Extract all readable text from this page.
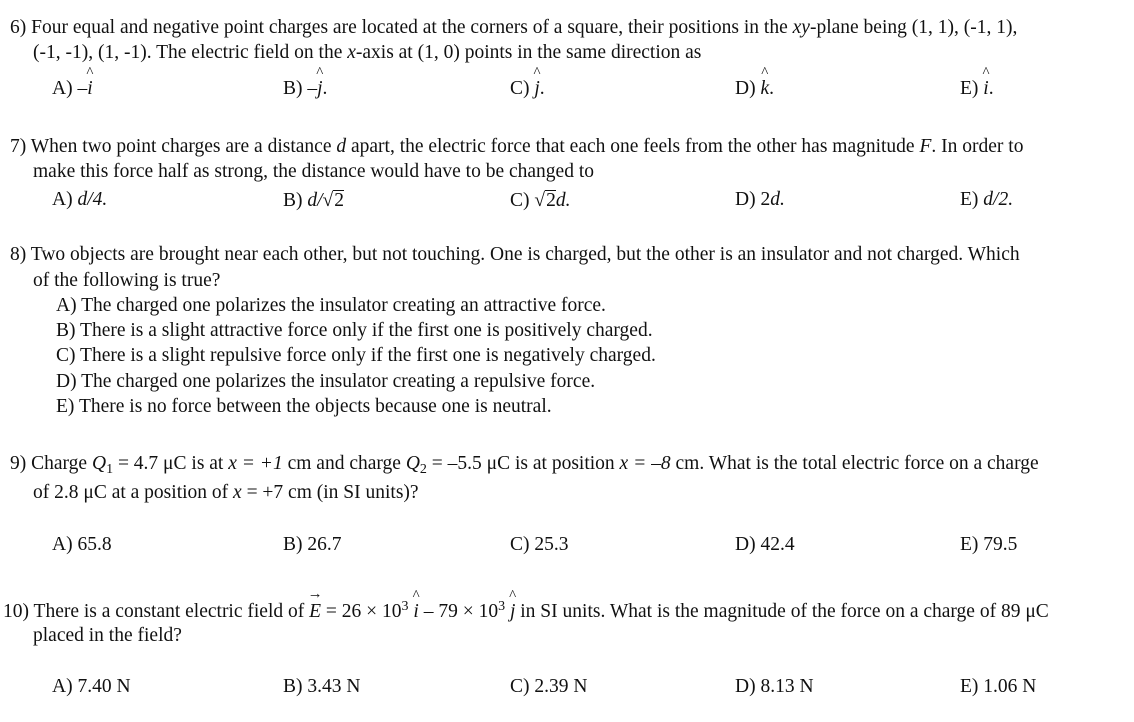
6) Four equal and negative point charges are located at the corners of a square, their positions in the xy-plane being (1, 1), (-1, 1),
(-1, -1), (1, -1). The electric field on the x-axis at (1, 0) points in the same direction as
A) –^ i	B) –^ j.	C) ^ j.	D) ^ k.	E) ^ i.
7) When two point charges are a distance d apart, the electric force that each one feels from the other has magnitude F. In order to
make this force half as strong, the distance would have to be changed to
A) d/4.	B) d/√2	C) √2d.	D) 2d.	E) d/2.
8) Two objects are brought near each other, but not touching. One is charged, but the other is an insulator and not charged. Which
of the following is true?
A) The charged one polarizes the insulator creating an attractive force.
B) There is a slight attractive force only if the first one is positively charged.
C) There is a slight repulsive force only if the first one is negatively charged.
D) The charged one polarizes the insulator creating a repulsive force.
E) There is no force between the objects because one is neutral.
9) Charge $Q_1 = 4.7$ μC is at x = +1 cm and charge $Q_2 = -5.5$ μC is at position x = –8 cm. What is the total electric force on a charge
of 2.8 μC at a position of x = +7 cm (in SI units)?
A) 65.8	B) 26.7	C) 25.3	D) 42.4	E) 79.5
10) There is a constant electric field of → $E = 26 \times 10^3$ ^ $i - 79 \times 10^3$ ^ j in SI units. What is the magnitude of the force on a charge of 89 μC
placed in the field?
A) 7.40 N	B) 3.43 N	C) 2.39 N	D) 8.13 N	E) 1.06 N
